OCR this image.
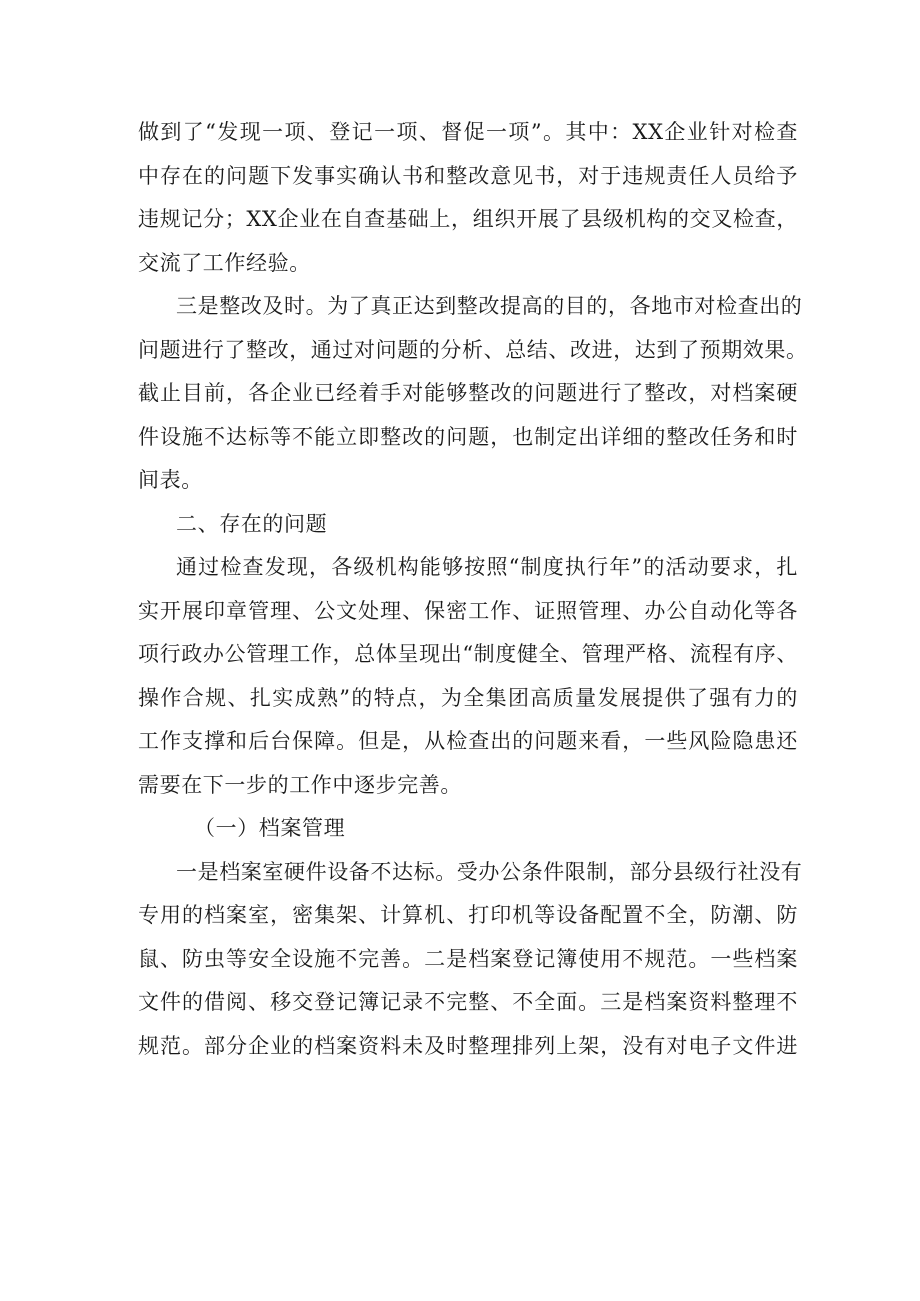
做到了“发现一项、登记一项、督促一项”。其中：XX企业针对检查
中存在的问题下发事实确认书和整改意见书，对于违规责任人员给予
违规记分；XX企业在自查基础上，组织开展了县级机构的交叉检查，
交流了工作经验。
三是整改及时。为了真正达到整改提高的目的，各地市对检查出的
问题进行了整改，通过对问题的分析、总结、改进，达到了预期效果。
截止目前，各企业已经着手对能够整改的问题进行了整改，对档案硬
件设施不达标等不能立即整改的问题，也制定出详细的整改任务和时
间表。
二、存在的问题
通过检查发现，各级机构能够按照“制度执行年”的活动要求，扎
实开展印章管理、公文处理、保密工作、证照管理、办公自动化等各
项行政办公管理工作，总体呈现出“制度健全、管理严格、流程有序、
操作合规、扎实成熟”的特点，为全集团高质量发展提供了强有力的
工作支撑和后台保障。但是，从检查出的问题来看，一些风险隐患还
需要在下一步的工作中逐步完善。
（一）档案管理
一是档案室硬件设备不达标。受办公条件限制，部分县级行社没有
专用的档案室，密集架、计算机、打印机等设备配置不全，防潮、防
鼠、防虫等安全设施不完善。二是档案登记簿使用不规范。一些档案
文件的借阅、移交登记簿记录不完整、不全面。三是档案资料整理不
规范。部分企业的档案资料未及时整理排列上架，没有对电子文件进
